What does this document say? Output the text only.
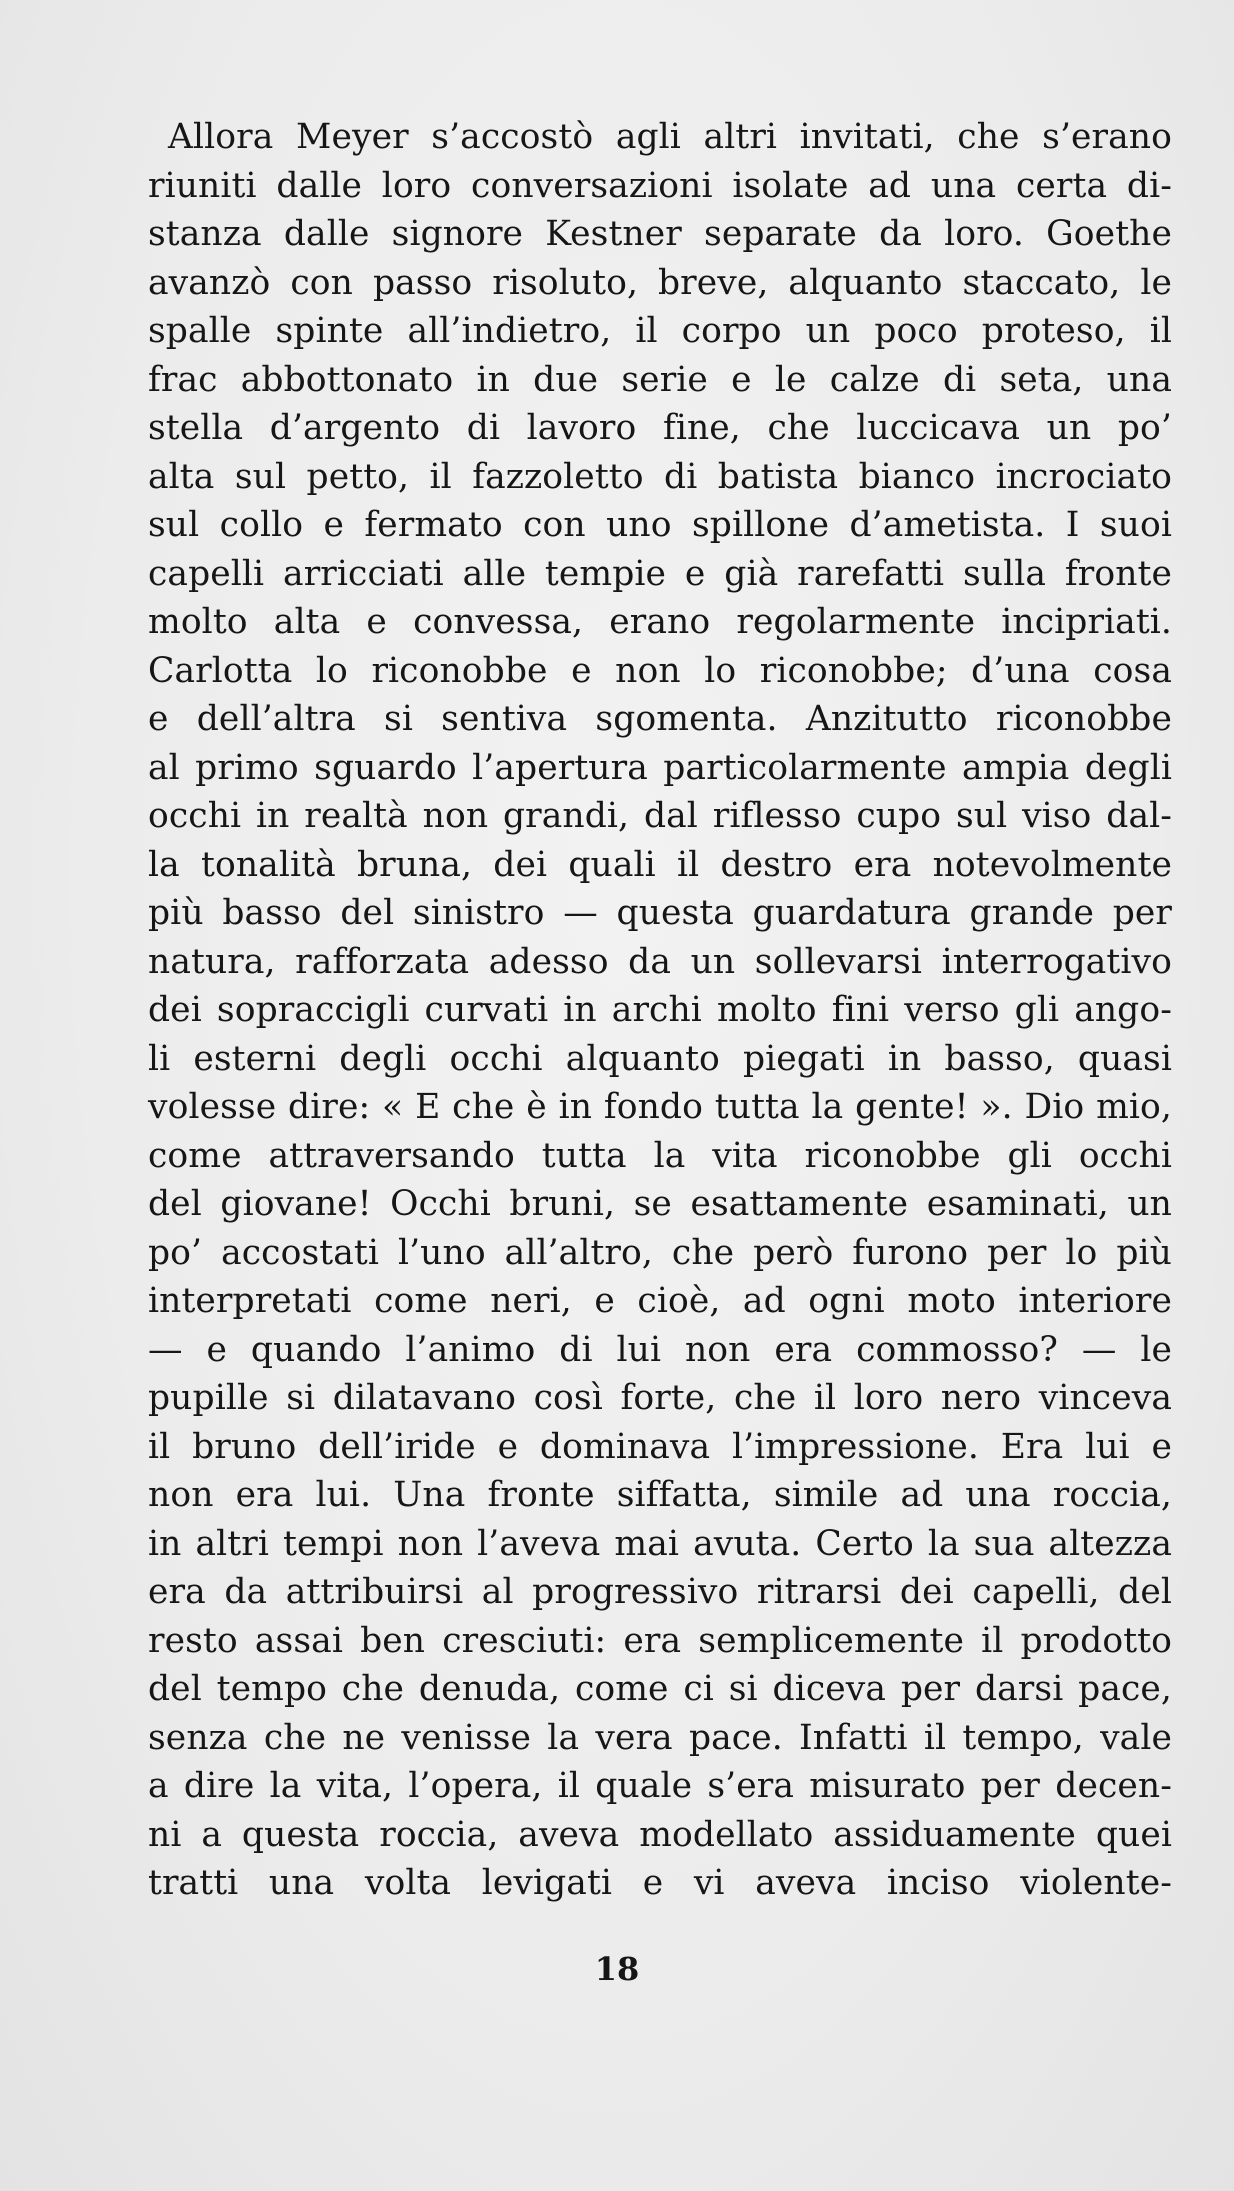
Allora Meyer s’accostò agli altri invitati, che s’erano
riuniti dalle loro conversazioni isolate ad una certa di-
stanza dalle signore Kestner separate da loro. Goethe
avanzò con passo risoluto, breve, alquanto staccato, le
spalle spinte all’indietro, il corpo un poco proteso, il
frac abbottonato in due serie e le calze di seta, una
stella d’argento di lavoro fine, che luccicava un po’
alta sul petto, il fazzoletto di batista bianco incrociato
sul collo e fermato con uno spillone d’ametista. I suoi
capelli arricciati alle tempie e già rarefatti sulla fronte
molto alta e convessa, erano regolarmente incipriati.
Carlotta lo riconobbe e non lo riconobbe; d’una cosa
e dell’altra si sentiva sgomenta. Anzitutto riconobbe
al primo sguardo l’apertura particolarmente ampia degli
occhi in realtà non grandi, dal riflesso cupo sul viso dal-
la tonalità bruna, dei quali il destro era notevolmente
più basso del sinistro — questa guardatura grande per
natura, rafforzata adesso da un sollevarsi interrogativo
dei sopraccigli curvati in archi molto fini verso gli ango-
li esterni degli occhi alquanto piegati in basso, quasi
volesse dire: « E che è in fondo tutta la gente! ». Dio mio,
come attraversando tutta la vita riconobbe gli occhi
del giovane! Occhi bruni, se esattamente esaminati, un
po’ accostati l’uno all’altro, che però furono per lo più
interpretati come neri, e cioè, ad ogni moto interiore
— e quando l’animo di lui non era commosso? — le
pupille si dilatavano così forte, che il loro nero vinceva
il bruno dell’iride e dominava l’impressione. Era lui e
non era lui. Una fronte siffatta, simile ad una roccia,
in altri tempi non l’aveva mai avuta. Certo la sua altezza
era da attribuirsi al progressivo ritrarsi dei capelli, del
resto assai ben cresciuti: era semplicemente il prodotto
del tempo che denuda, come ci si diceva per darsi pace,
senza che ne venisse la vera pace. Infatti il tempo, vale
a dire la vita, l’opera, il quale s’era misurato per decen-
ni a questa roccia, aveva modellato assiduamente quei
tratti una volta levigati e vi aveva inciso violente-
18
